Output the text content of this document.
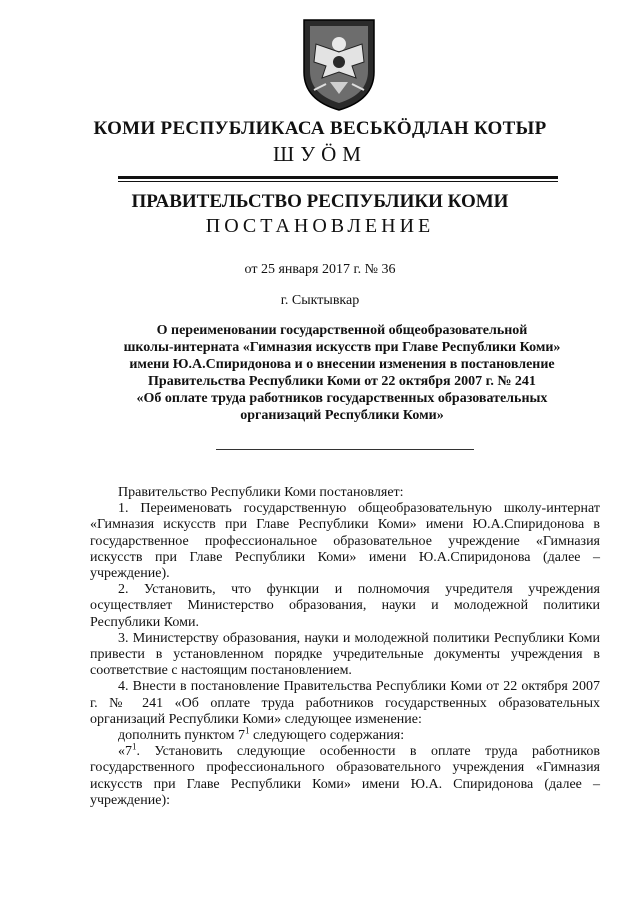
КОМИ РЕСПУБЛИКАСА ВЕСЬКӦДЛАН КОТЫР
ШУӦМ
ПРАВИТЕЛЬСТВО РЕСПУБЛИКИ КОМИ
ПОСТАНОВЛЕНИЕ
от 25 января 2017 г. № 36
г. Сыктывкар
О переименовании государственной общеобразовательной
школы-интерната «Гимназия искусств при Главе Республики Коми»
имени Ю.А.Спиридонова и о внесении изменения в постановление
Правительства Республики Коми от 22 октября 2007 г. № 241
«Об оплате труда работников государственных образовательных
организаций Республики Коми»

Правительство Республики Коми постановляет:

1. Переименовать государственную общеобразовательную школу-интернат «Гимназия искусств при Главе Республики Коми» имени Ю.А.Спиридонова в государственное профессиональное образовательное учреждение «Гимназия искусств при Главе Республики Коми» имени Ю.А.Спиридонова (далее – учреждение).

2. Установить, что функции и полномочия учредителя учреждения осуществляет Министерство образования, науки и молодежной политики Республики Коми.

3. Министерству образования, науки и молодежной политики Республики Коми привести в установленном порядке учредительные документы учреждения в соответствие с настоящим постановлением.

4. Внести в постановление Правительства Республики Коми от 22 октября 2007 г. № 241 «Об оплате труда работников государственных образовательных организаций Республики Коми» следующее изменение:

дополнить пунктом $7^1$ следующего содержания:

«$7^1$. Установить следующие особенности в оплате труда работников государственного профессионального образовательного учреждения «Гимназия искусств при Главе Республики Коми» имени Ю.А. Спиридонова (далее – учреждение):
